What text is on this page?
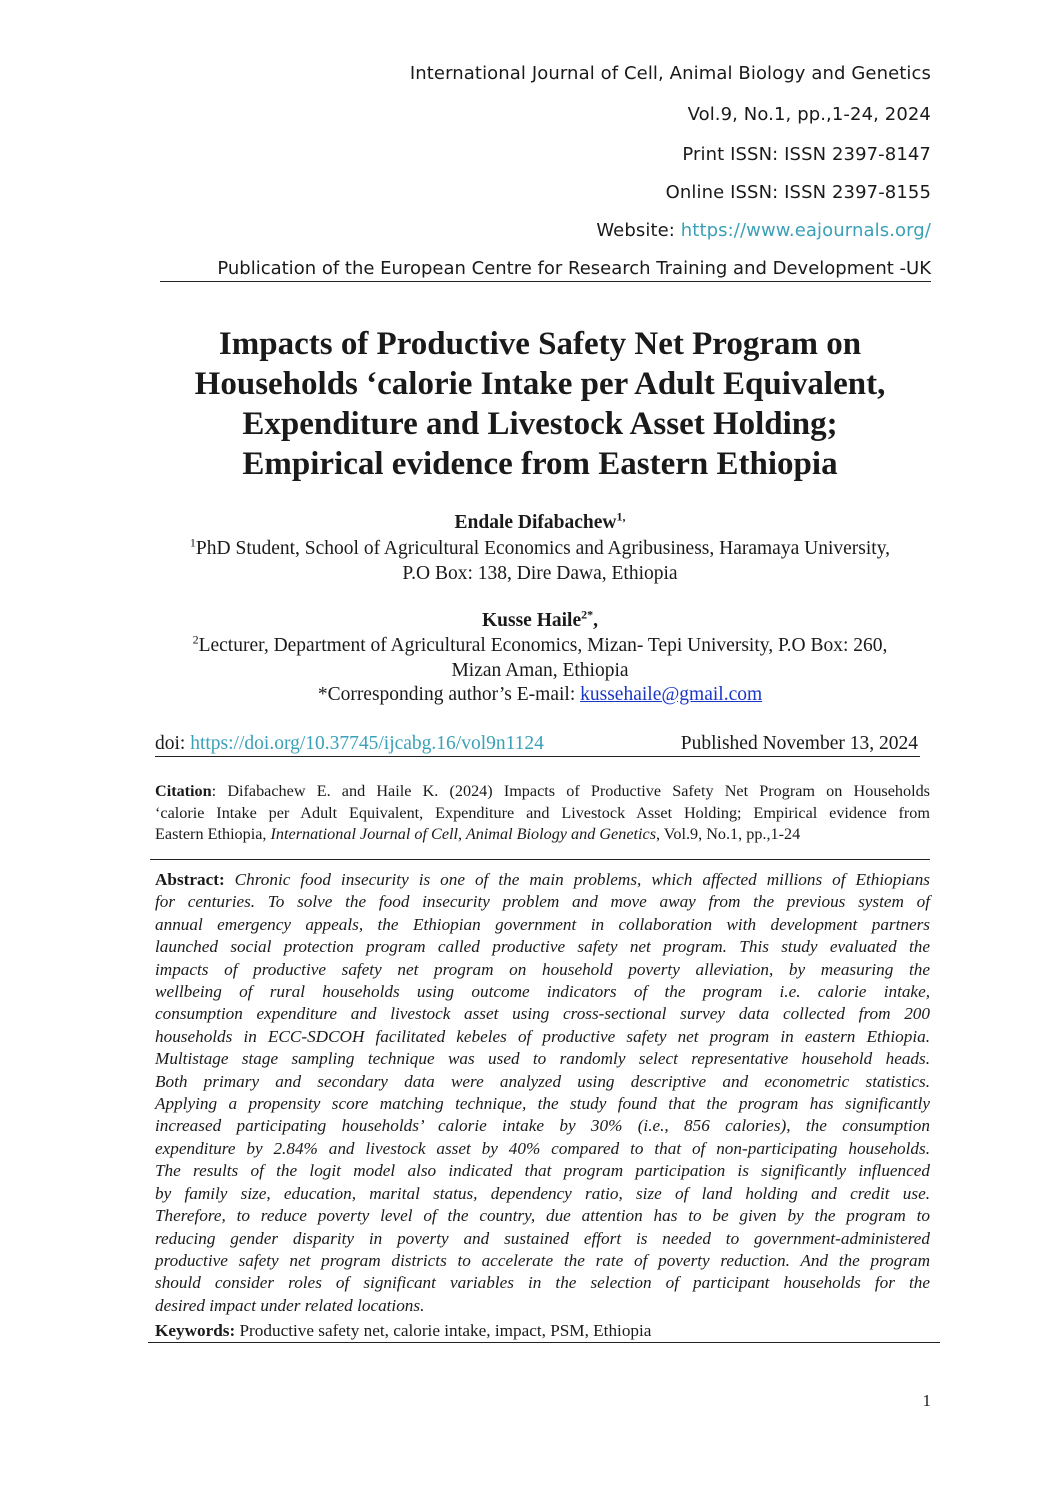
International Journal of Cell, Animal Biology and Genetics

Vol.9, No.1, pp.,1-24, 2024

Print ISSN: ISSN 2397-8147

Online ISSN: ISSN 2397-8155

Website: https://www.eajournals.org/

Publication of the European Centre for Research Training and Development -UK
Impacts of Productive Safety Net Program on
Households ‘calorie Intake per Adult Equivalent,
Expenditure and Livestock Asset Holding;
Empirical evidence from Eastern Ethiopia
Endale Difabachew$^{1,}$
$^1$PhD Student, School of Agricultural Economics and Agribusiness, Haramaya University,
P.O Box: 138, Dire Dawa, Ethiopia
Kusse Haile$^{2*}$,
$^2$Lecturer, Department of Agricultural Economics, Mizan- Tepi University, P.O Box: 260,
Mizan Aman, Ethiopia
*Corresponding author’s E-mail: kussehaile@gmail.com
doi: https://doi.org/10.37745/ijcabg.16/vol9n1124	Published November 13, 2024
Citation: Difabachew E. and Haile K. (2024) Impacts of Productive Safety Net Program on Households
‘calorie Intake per Adult Equivalent, Expenditure and Livestock Asset Holding; Empirical evidence from
Eastern Ethiopia, International Journal of Cell, Animal Biology and Genetics, Vol.9, No.1, pp.,1-24
Abstract: Chronic food insecurity is one of the main problems, which affected millions of Ethiopians
for centuries. To solve the food insecurity problem and move away from the previous system of
annual emergency appeals, the Ethiopian government in collaboration with development partners
launched social protection program called productive safety net program. This study evaluated the
impacts of productive safety net program on household poverty alleviation, by measuring the
wellbeing of rural households using outcome indicators of the program i.e. calorie intake,
consumption expenditure and livestock asset using cross-sectional survey data collected from 200
households in ECC-SDCOH facilitated kebeles of productive safety net program in eastern Ethiopia.
Multistage stage sampling technique was used to randomly select representative household heads.
Both primary and secondary data were analyzed using descriptive and econometric statistics.
Applying a propensity score matching technique, the study found that the program has significantly
increased participating households’ calorie intake by 30% (i.e., 856 calories), the consumption
expenditure by 2.84% and livestock asset by 40% compared to that of non-participating households.
The results of the logit model also indicated that program participation is significantly influenced
by family size, education, marital status, dependency ratio, size of land holding and credit use.
Therefore, to reduce poverty level of the country, due attention has to be given by the program to
reducing gender disparity in poverty and sustained effort is needed to government-administered
productive safety net program districts to accelerate the rate of poverty reduction. And the program
should consider roles of significant variables in the selection of participant households for the
desired impact under related locations.
Keywords: Productive safety net, calorie intake, impact, PSM, Ethiopia
1
